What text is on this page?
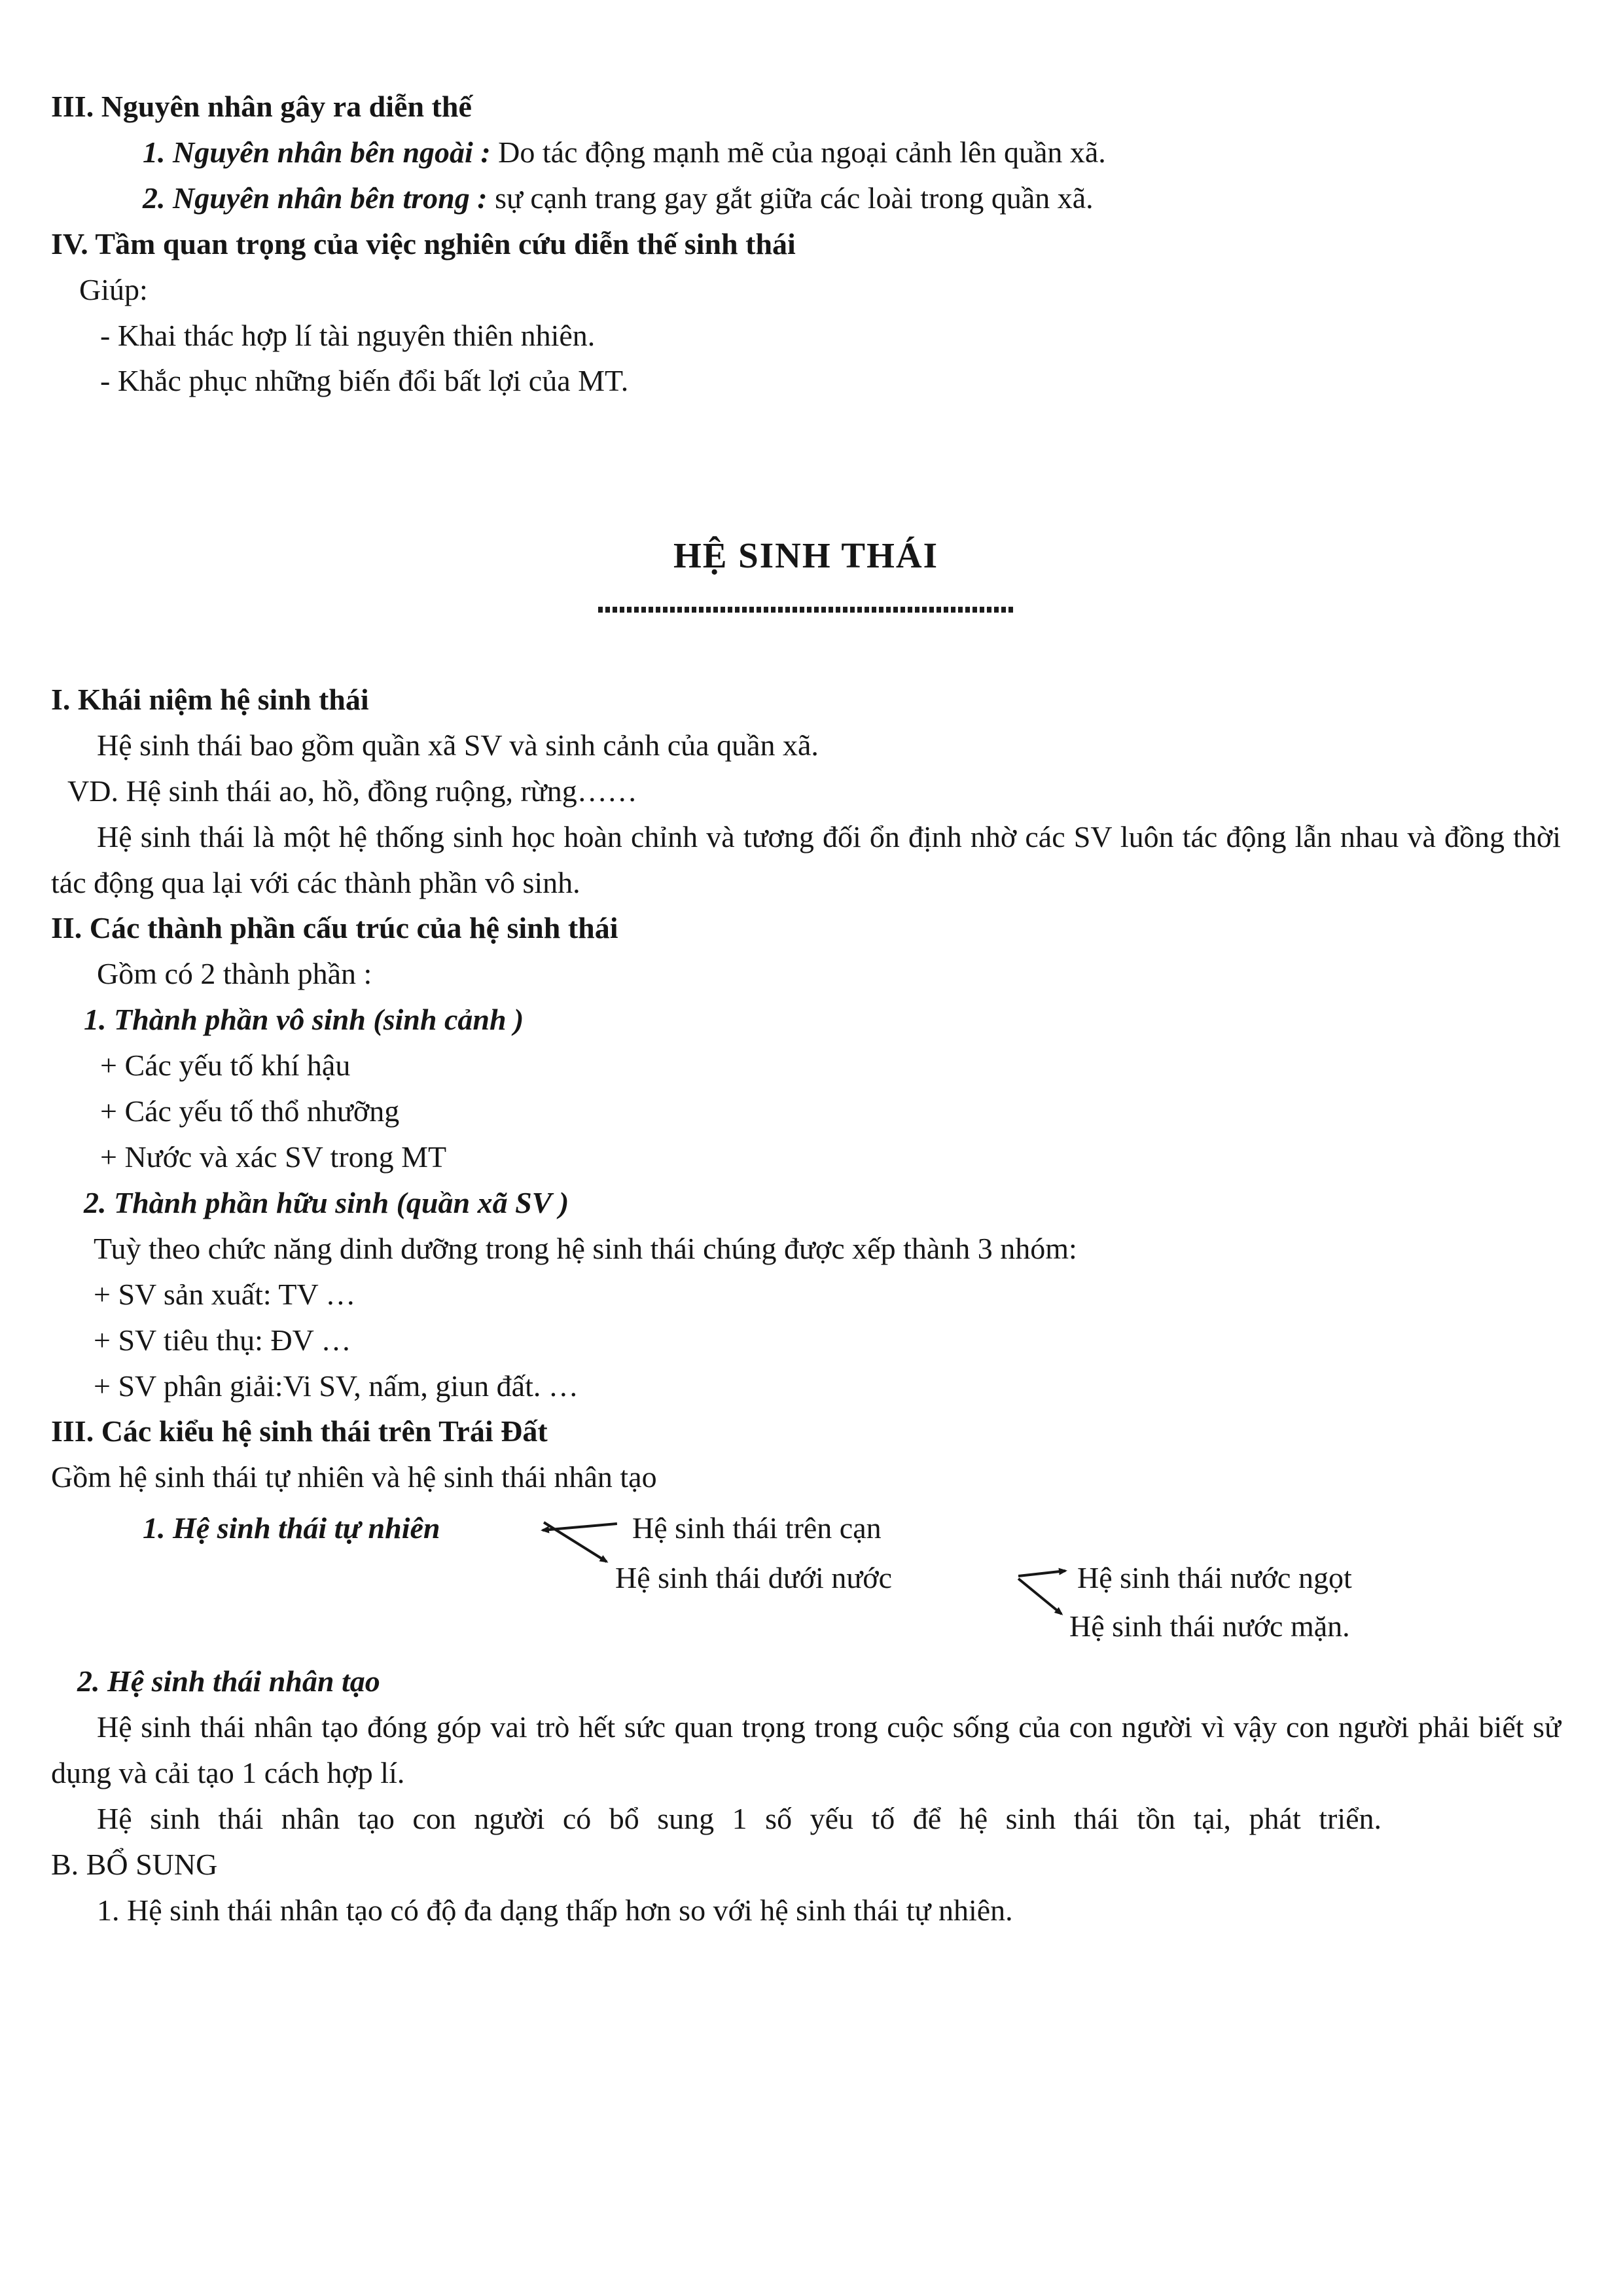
III. Nguyên nhân gây ra diễn thế

1. Nguyên nhân bên ngoài : Do tác động mạnh mẽ của ngoại cảnh lên quần xã.

2. Nguyên nhân bên trong : sự cạnh trang gay gắt giữa các loài trong quần xã.

IV. Tầm quan trọng của việc nghiên cứu diễn thế sinh thái

Giúp:

- Khai thác hợp lí tài nguyên thiên nhiên.

- Khắc phục những biến đổi bất lợi của MT.

HỆ SINH THÁI

I. Khái niệm hệ sinh thái

Hệ sinh thái bao gồm quần xã SV và sinh cảnh của quần xã.

VD. Hệ sinh thái ao, hồ, đồng ruộng, rừng……

Hệ sinh thái là một hệ thống sinh học hoàn chỉnh và tương đối ổn định nhờ các SV luôn tác động lẫn nhau và đồng thời tác động qua lại với các thành phần vô sinh.

II. Các thành phần cấu trúc của hệ sinh thái

Gồm có 2 thành phần :

1. Thành phần vô sinh (sinh cảnh )

+ Các yếu tố khí hậu

+ Các yếu tố thổ nhưỡng

+ Nước và xác SV trong MT

2. Thành phần hữu sinh (quần xã SV )

Tuỳ theo chức năng dinh dưỡng trong hệ sinh thái chúng được xếp thành 3 nhóm:

+ SV sản xuất: TV …

+ SV tiêu thụ: ĐV …

+ SV phân giải:Vi SV, nấm, giun đất. …

III. Các kiểu hệ sinh thái trên Trái Đất

Gồm hệ sinh thái tự nhiên và hệ sinh thái nhân tạo

1. Hệ sinh thái tự nhiên	Hệ sinh thái trên cạn
Hệ sinh thái dưới nước	Hệ sinh thái nước ngọt
Hệ sinh thái nước mặn.

2. Hệ sinh thái nhân tạo

Hệ sinh thái nhân tạo đóng góp vai trò hết sức quan trọng trong cuộc sống của con người vì vậy con người phải biết sử dụng và cải tạo 1 cách hợp lí.

Hệ sinh thái nhân tạo con người có bổ sung 1 số yếu tố để hệ sinh thái tồn tại, phát triển.

B. BỔ SUNG

1. Hệ sinh thái nhân tạo có độ đa dạng thấp hơn so với hệ sinh thái tự nhiên.
